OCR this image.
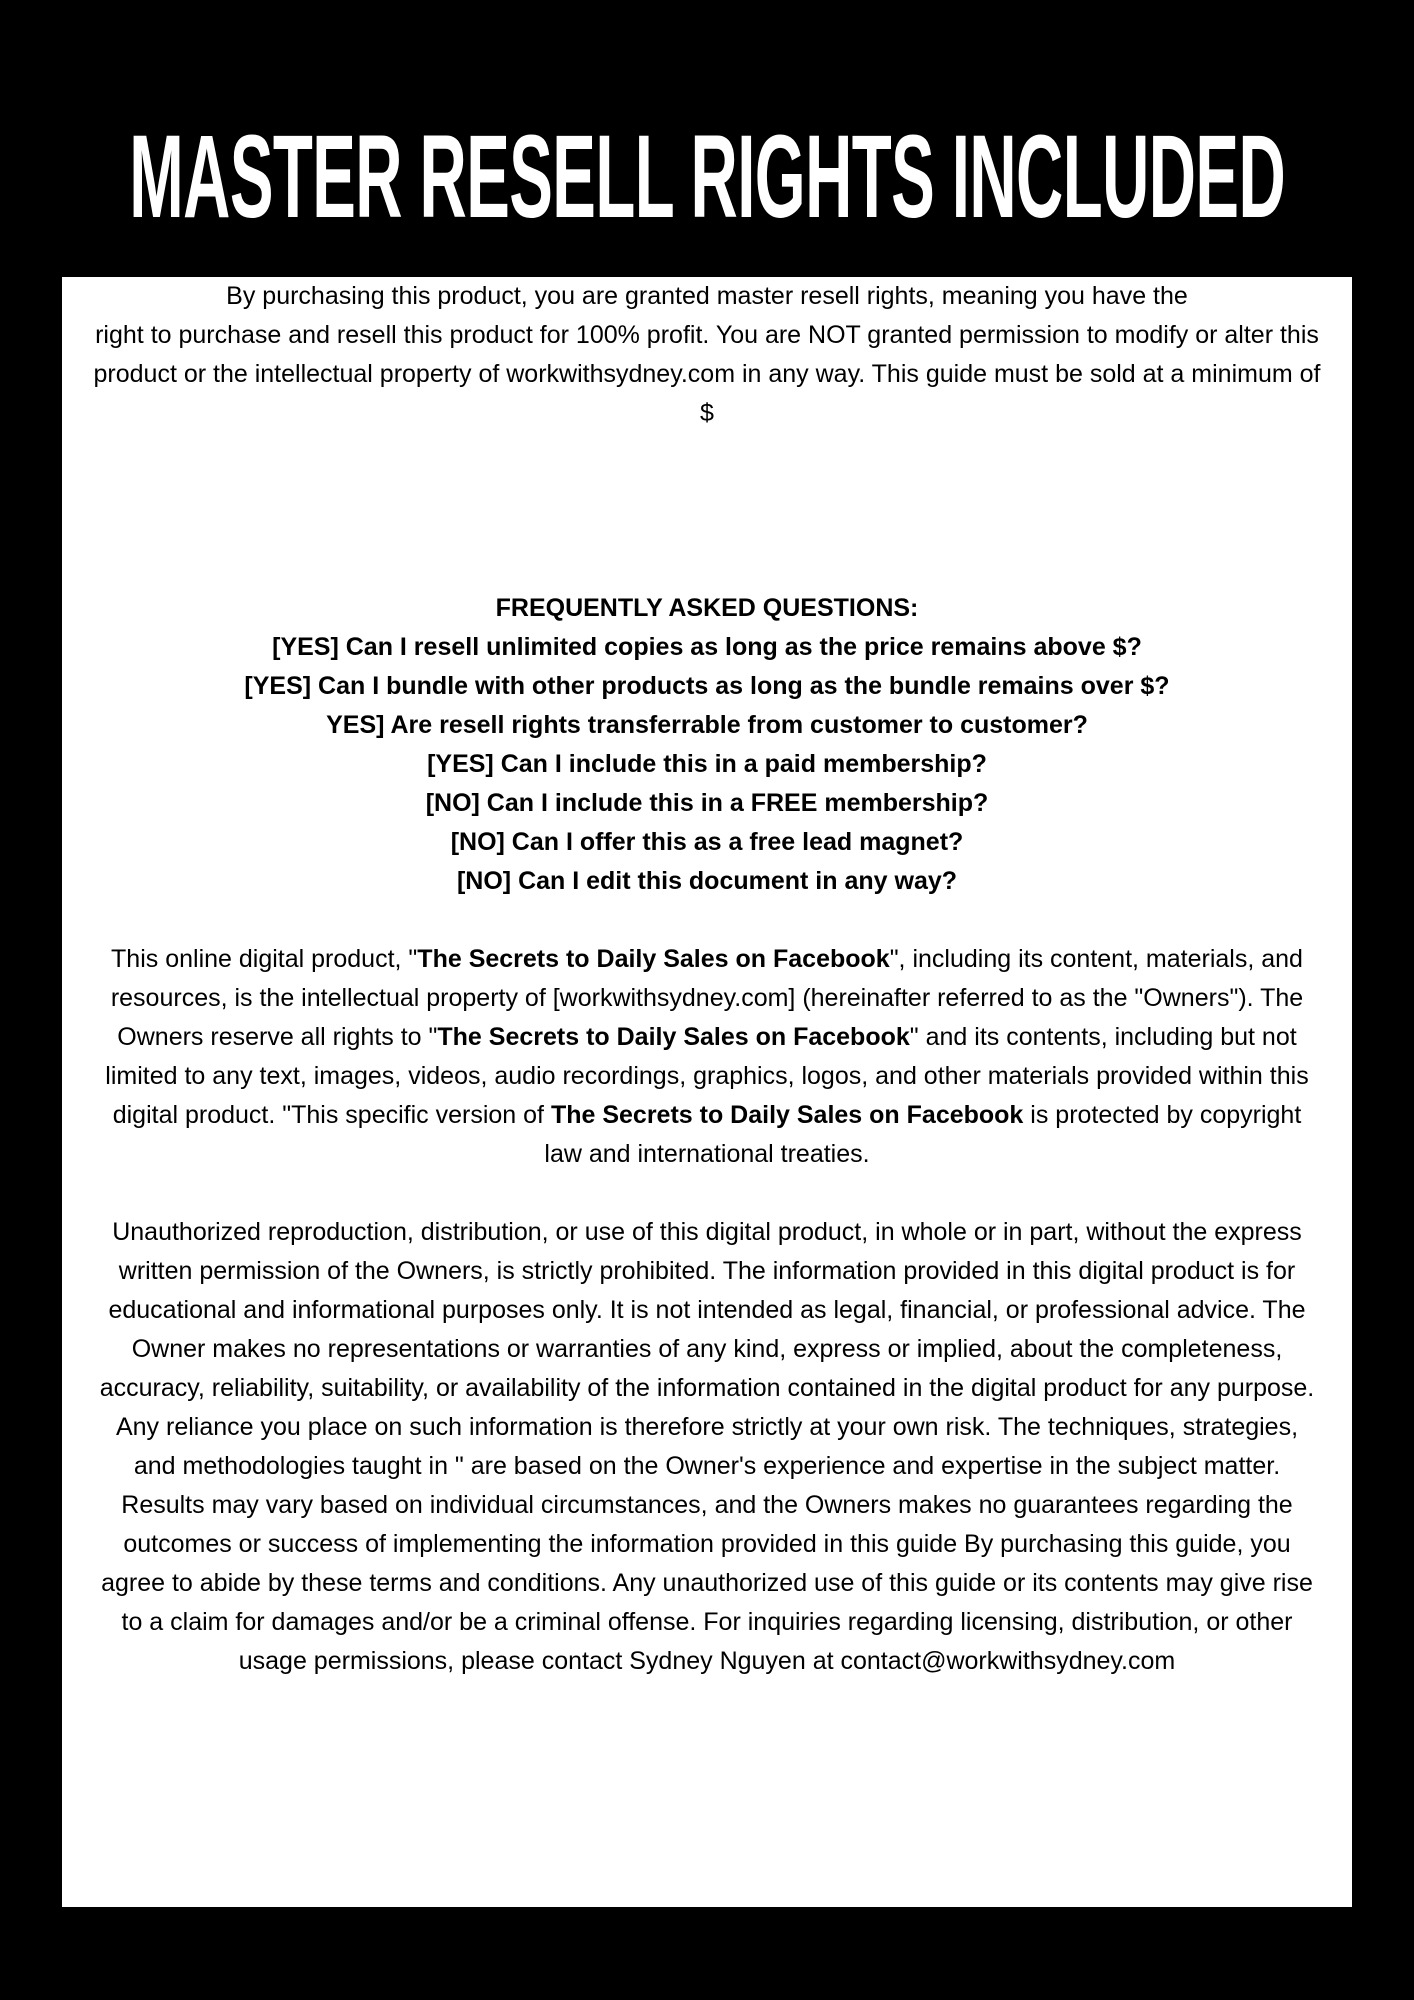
MASTER RESELL RIGHTS INCLUDED

By purchasing this product, you are granted master resell rights, meaning you have the

right to purchase and resell this product for 100% profit. You are NOT granted permission to modify or alter this product or the intellectual property of workwithsydney.com in any way. This guide must be sold at a minimum of $

FREQUENTLY ASKED QUESTIONS:

[YES] Can I resell unlimited copies as long as the price remains above $?

[YES] Can I bundle with other products as long as the bundle remains over $?

YES] Are resell rights transferrable from customer to customer?

[YES] Can I include this in a paid membership?

[NO] Can I include this in a FREE membership?

[NO] Can I offer this as a free lead magnet?

[NO] Can I edit this document in any way?

This online digital product, "The Secrets to Daily Sales on Facebook", including its content, materials, and resources, is the intellectual property of [workwithsydney.com] (hereinafter referred to as the "Owners"). The Owners reserve all rights to "The Secrets to Daily Sales on Facebook" and its contents, including but not limited to any text, images, videos, audio recordings, graphics, logos, and other materials provided within this digital product. "This specific version of The Secrets to Daily Sales on Facebook is protected by copyright law and international treaties.

Unauthorized reproduction, distribution, or use of this digital product, in whole or in part, without the express written permission of the Owners, is strictly prohibited. The information provided in this digital product is for educational and informational purposes only. It is not intended as legal, financial, or professional advice. The Owner makes no representations or warranties of any kind, express or implied, about the completeness, accuracy, reliability, suitability, or availability of the information contained in the digital product for any purpose. Any reliance you place on such information is therefore strictly at your own risk. The techniques, strategies, and methodologies taught in " are based on the Owner's experience and expertise in the subject matter. Results may vary based on individual circumstances, and the Owners makes no guarantees regarding the outcomes or success of implementing the information provided in this guide By purchasing this guide, you agree to abide by these terms and conditions. Any unauthorized use of this guide or its contents may give rise to a claim for damages and/or be a criminal offense. For inquiries regarding licensing, distribution, or other usage permissions, please contact Sydney Nguyen at contact@workwithsydney.com
